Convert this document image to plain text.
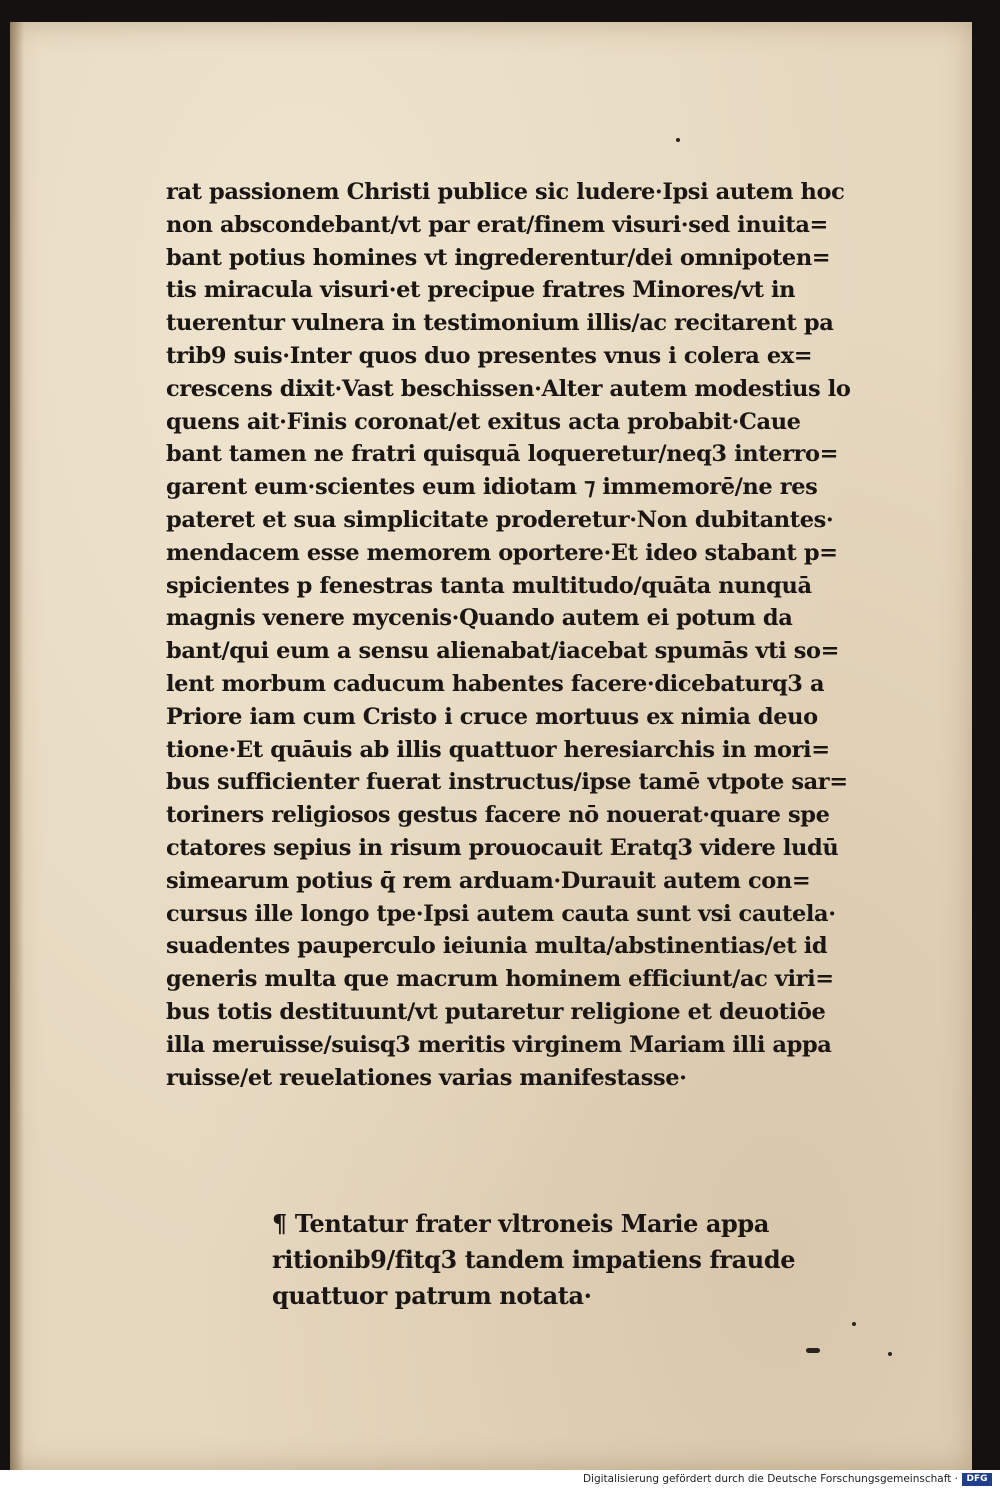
rat passionem Christi publice sic ludere·Ipsi autem hoc
non abscondebant/vt par erat/finem visuri·sed inuita=
bant potius homines vt ingrederentur/dei omnipoten=
tis miracula visuri·et precipue fratres Minores/vt in
tuerentur vulnera in testimonium illis/ac recitarent pa
trib9 suis·Inter quos duo presentes vnus i colera ex=
crescens dixit·Vast beschissen·Alter autem modestius lo
quens ait·Finis coronat/et exitus acta probabit·Caue
bant tamen ne fratri quisquā loqueretur/neq3 interro=
garent eum·scientes eum idiotam ⁊ immemorē/ne res
pateret et sua simplicitate proderetur·Non dubitantes·
mendacem esse memorem oportere·Et ideo stabant p=
spicientes p fenestras tanta multitudo/quāta nunquā
magnis venere mycenis·Quando autem ei potum da
bant/qui eum a sensu alienabat/iacebat spumās vti so=
lent morbum caducum habentes facere·dicebaturq3 a
Priore iam cum Cristo i cruce mortuus ex nimia deuo
tione·Et quāuis ab illis quattuor heresiarchis in mori=
bus sufficienter fuerat instructus/ipse tamē vtpote sar=
toriners religiosos gestus facere nō nouerat·quare spe
ctatores sepius in risum prouocauit Eratq3 videre ludū
simearum potius q̄ rem arduam·Durauit autem con=
cursus ille longo tpe·Ipsi autem cauta sunt vsi cautela·
suadentes pauperculo ieiunia multa/abstinentias/et id
generis multa que macrum hominem efficiunt/ac viri=
bus totis destituunt/vt putaretur religione et deuotiōe
illa meruisse/suisq3 meritis virginem Mariam illi appa
ruisse/et reuelationes varias manifestasse·
¶ Tentatur frater vltroneis Marie appa
ritionib9/fitq3 tandem impatiens fraude
quattuor patrum notata·
Digitalisierung gefördert durch die Deutsche Forschungsgemeinschaft · DFG
